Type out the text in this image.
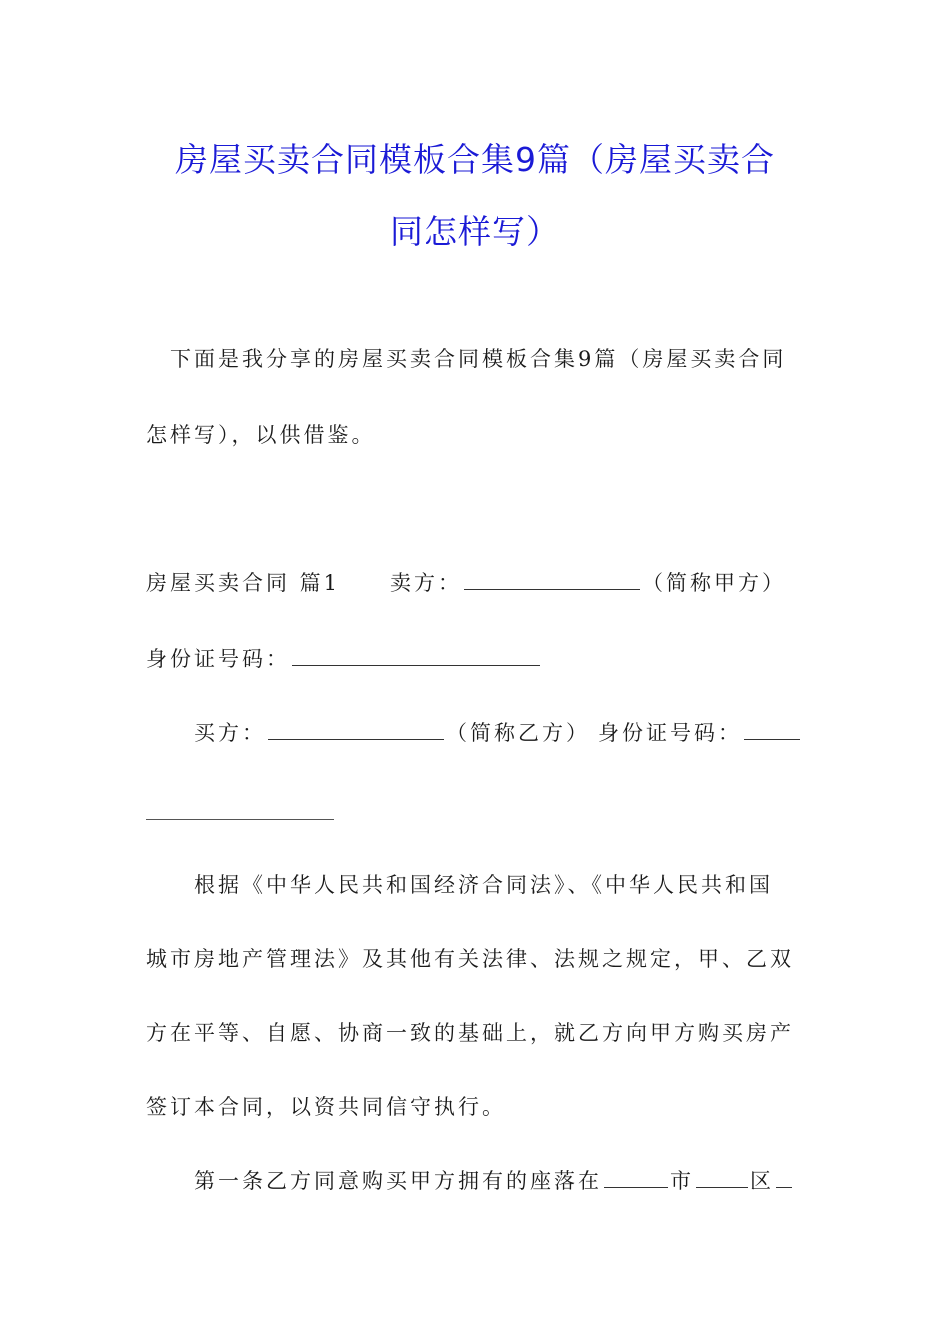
房屋买卖合同模板合集9篇（房屋买卖合
同怎样写）
下面是我分享的房屋买卖合同模板合集9篇（房屋买卖合同
怎样写），以供借鉴。
房屋买卖合同 篇1 卖方：	（简称甲方）
身份证号码：
买方：	（简称乙方） 身份证号码：
根据《中华人民共和国经济合同法》、《中华人民共和国
城市房地产管理法》及其他有关法律、法规之规定，甲、乙双
方在平等、自愿、协商一致的基础上，就乙方向甲方购买房产
签订本合同，以资共同信守执行。
第一条乙方同意购买甲方拥有的座落在	市	区
